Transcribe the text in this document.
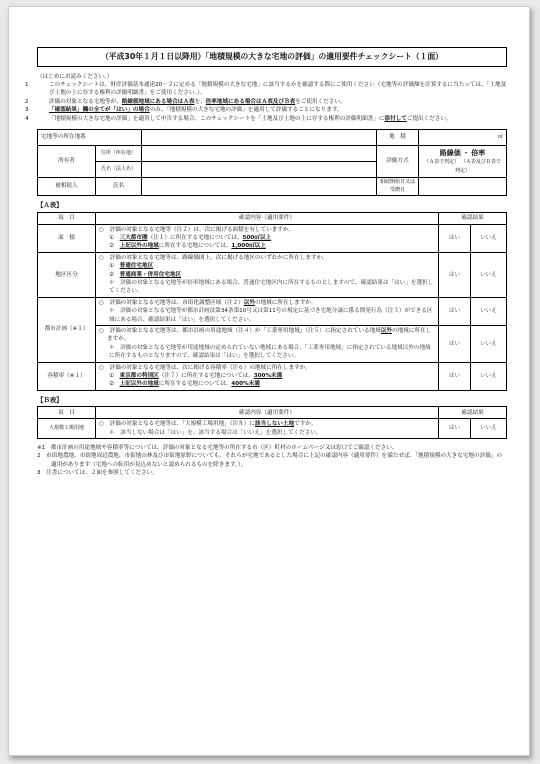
（平成30年１月１日以降用）「地積規模の大きな宅地の評価」の適用要件チェックシート（１面）

（はじめにお読みください。）

1	このチェックシートは、財産評価基本通達20－２に定める「地積規模の大きな宅地」に該当するかを確認する際にご使用ください（宅地等の評価額を計算するに当たっては、「土地及び土地の上に存する権利の評価明細書」をご使用ください。）。

2	評価の対象となる宅地等が、路線価地域にある場合はＡ表を、倍率地域にある場合はＡ表及びＢ表をご使用ください。

3	「確認結果」欄の全てが「はい」の場合のみ、「地積規模の大きな宅地の評価」を適用して評価することになります。

4	「地積規模の大きな宅地の評価」を適用して申告する場合、このチェックシートを「土地及び土地の上に存する権利の評価明細書」に添付してご提出ください。

宅地等の所在地番			地　積	㎡

所有者	住所（所在地）		評価方式	路線価 ・ 倍率
（Ａ表で判定） （Ａ表及びＢ表で判定）
	氏名（法人名）			
被相続人	氏名		相続開始日又は受贈日	
【Ａ表】
項　目	確認内容（適用要件）	確認結果	
面　積	○　評価の対象となる宅地等（注２）は、次に掲げる面積を有していますか。

①　三大都市圏（注１）に所在する宅地については、500㎡以上

②　上記以外の地域に所在する宅地については、1,000㎡以上	はい	いいえ
地区区分	○　評価の対象となる宅地等は、路線価図上、次に掲げる地区のいずれかに所在しますか。

①　普通住宅地区

②　普通商業・併用住宅地区

＊　評価の対象となる宅地等が倍率地域にある場合、普通住宅地区内に所在するものとしますので、確認結果は「はい」を選択してください。	はい	いいえ
都市計画（※１）	○　評価の対象となる宅地等は、市街化調整区域（注２）以外の地域に所在しますか。

＊　評価の対象となる宅地等が都市計画法第34条第10号又は第11号の規定に基づき宅地分譲に係る開発行為（注３）ができる区域にある場合、確認結果は「はい」を選択してください。	はい	いいえ

	○　評価の対象となる宅地等は、都市計画の用途地域（注４）が「工業専用地域」（注５）に指定されている地域以外の地域に所在しますか。

＊　評価の対象となる宅地等が用途地域の定められていない地域にある場合、「工業専用地域」に指定されている地域以外の地域に所在するものとなりますので、確認結果は「はい」を選択してください。	はい	いいえ
容積率（※１）	○　評価の対象となる宅地等は、次に掲げる容積率（注６）の地域に所在しますか。

①　東京都の特別区（注７）に所在する宅地については、300%未満

②　上記以外の地域に所在する宅地については、400%未満	はい	いいえ
【Ｂ表】
項　目	確認内容（適用要件）	確認結果	
大規模工場用地	○　評価の対象となる宅地等は、「大規模工場用地」（注８）に該当しない土地ですか。

＊　該当しない場合は「はい」を、該当する場合は「いいえ」を選択してください。	はい	いいえ

※1　 都市計画の用途地域や容積率等については、評価の対象となる宅地等の所在する市（区）町村のホームページ又は窓口でご確認ください。

2　 市街地農地、市街地周辺農地、市街地山林及び市街地原野についても、それらが宅地であるとした場合に上記の確認内容（適用要件）を満たせば、「地積規模の大きな宅地の評価」の適用があります（宅地への転用が見込めないと認められるものを除きます。）。

3　 注書については、２面を参照してください。
